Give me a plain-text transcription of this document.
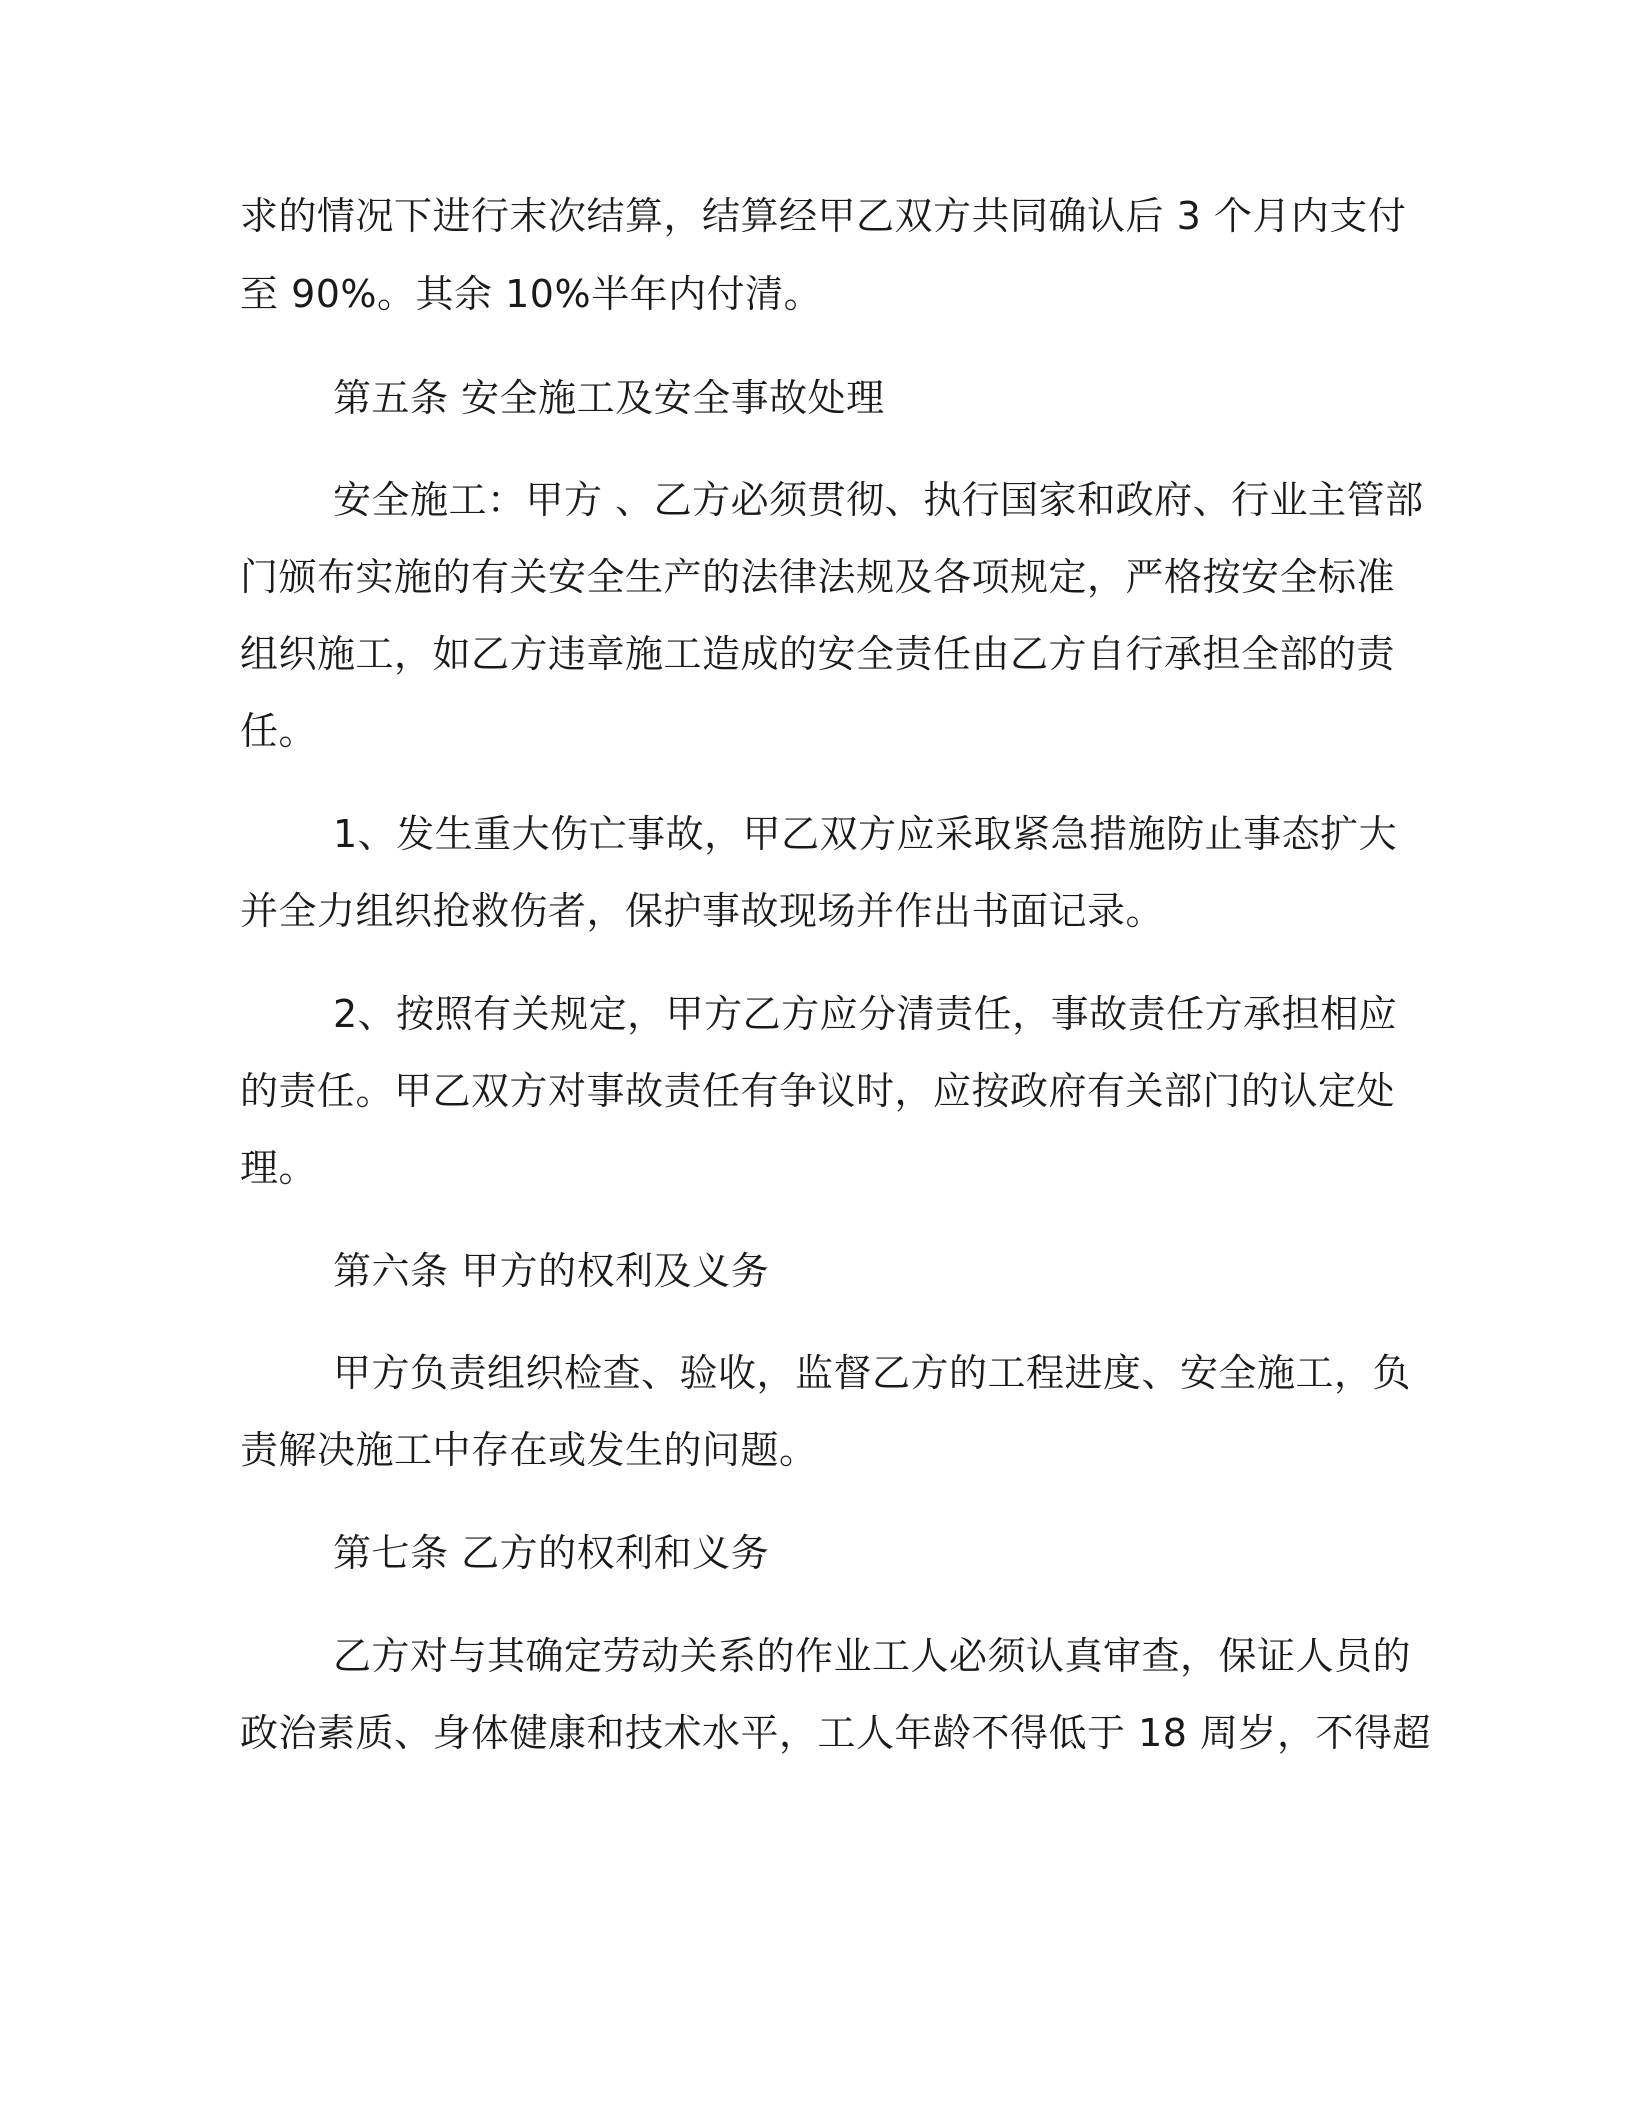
求的情况下进行末次结算，结算经甲乙双方共同确认后 3 个月内支付
至 90%。其余 10%半年内付清。
第五条 安全施工及安全事故处理
安全施工：甲方 、乙方必须贯彻、执行国家和政府、行业主管部
门颁布实施的有关安全生产的法律法规及各项规定，严格按安全标准
组织施工，如乙方违章施工造成的安全责任由乙方自行承担全部的责
任。
1、发生重大伤亡事故，甲乙双方应采取紧急措施防止事态扩大
并全力组织抢救伤者，保护事故现场并作出书面记录。
2、按照有关规定，甲方乙方应分清责任，事故责任方承担相应
的责任。甲乙双方对事故责任有争议时，应按政府有关部门的认定处
理。
第六条 甲方的权利及义务
甲方负责组织检查、验收，监督乙方的工程进度、安全施工，负
责解决施工中存在或发生的问题。
第七条 乙方的权利和义务
乙方对与其确定劳动关系的作业工人必须认真审查，保证人员的
政治素质、身体健康和技术水平，工人年龄不得低于 18 周岁，不得超
